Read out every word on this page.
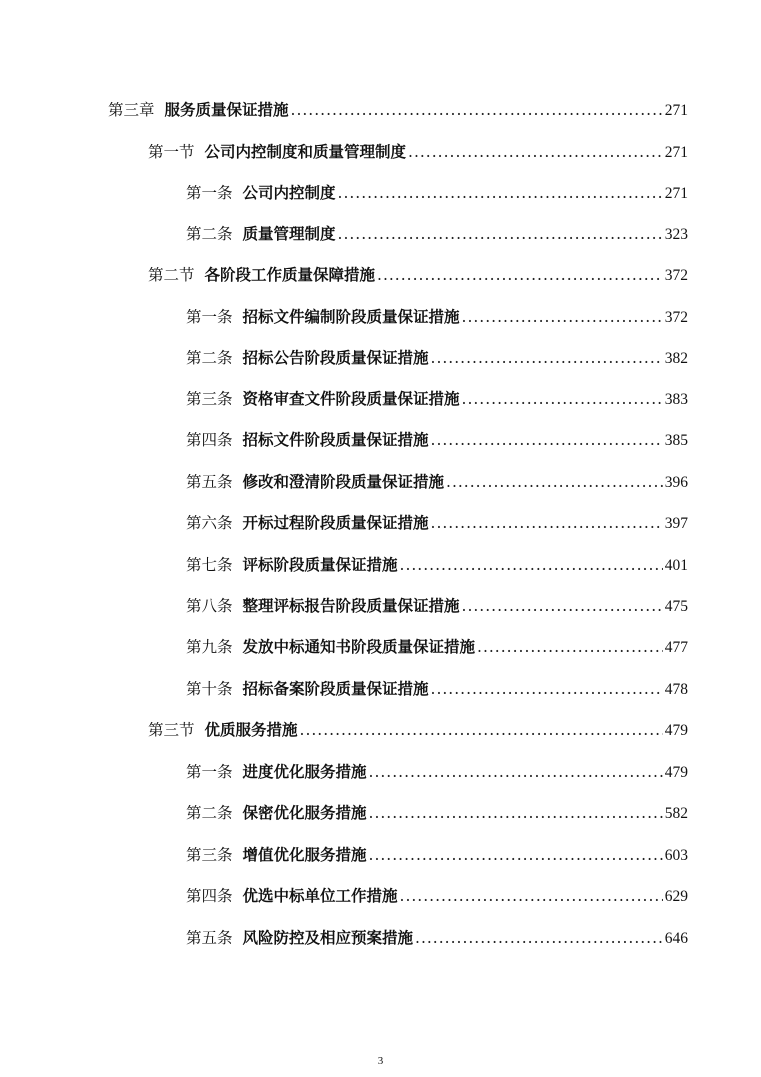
第三章 服务质量保证措施 .....	271
第一节 公司内控制度和质量管理制度 .....	271
第一条 公司内控制度 .....	271
第二条 质量管理制度 .....	323
第二节 各阶段工作质量保障措施 .....	372
第一条 招标文件编制阶段质量保证措施 .....	372
第二条 招标公告阶段质量保证措施 .....	382
第三条 资格审查文件阶段质量保证措施 .....	383
第四条 招标文件阶段质量保证措施 .....	385
第五条 修改和澄清阶段质量保证措施 .....	396
第六条 开标过程阶段质量保证措施 .....	397
第七条 评标阶段质量保证措施 .....	401
第八条 整理评标报告阶段质量保证措施 .....	475
第九条 发放中标通知书阶段质量保证措施 .....	477
第十条 招标备案阶段质量保证措施 .....	478
第三节 优质服务措施 .....	479
第一条 进度优化服务措施 .....	479
第二条 保密优化服务措施 .....	582
第三条 增值优化服务措施 .....	603
第四条 优选中标单位工作措施 .....	629
第五条 风险防控及相应预案措施 .....	646
3
